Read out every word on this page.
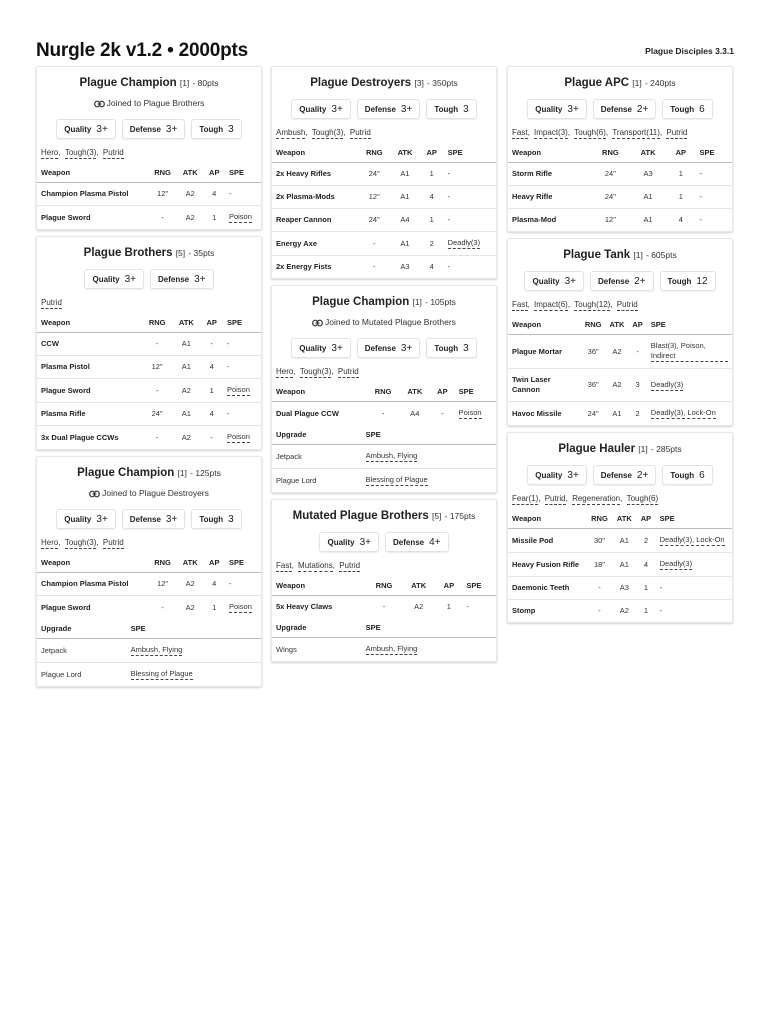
Nurgle 2k v1.2 • 2000pts	Plague Disciples 3.3.1
Plague Champion [1] - 80pts
Joined to Plague Brothers
Quality 3+	Defense 3+	Tough 3
Hero, Tough(3), Putrid
Weapon	RNG	ATK	AP	SPE
Champion Plasma Pistol	12"	A2	4	-
Plague Sword	-	A2	1	Poison
Plague Brothers [5] - 35pts
Quality 3+	Defense 3+
Putrid
Weapon	RNG	ATK	AP	SPE
CCW	-	A1	-	-
Plasma Pistol	12"	A1	4	-
Plague Sword	-	A2	1	Poison
Plasma Rifle	24"	A1	4	-
3x Dual Plague CCWs	-	A2	-	Poison
Plague Champion [1] - 125pts
Joined to Plague Destroyers
Quality 3+	Defense 3+	Tough 3
Hero, Tough(3), Putrid
Weapon	RNG	ATK	AP	SPE
Champion Plasma Pistol	12"	A2	4	-
Plague Sword	-	A2	1	Poison
Upgrade	SPE
Jetpack	Ambush, Flying
Plague Lord	Blessing of Plague
Plague Destroyers [3] - 350pts
Quality 3+	Defense 3+	Tough 3
Ambush, Tough(3), Putrid
Weapon	RNG	ATK	AP	SPE
2x Heavy Rifles	24"	A1	1	-
2x Plasma-Mods	12"	A1	4	-
Reaper Cannon	24"	A4	1	-
Energy Axe	-	A1	2	Deadly(3)
2x Energy Fists	-	A3	4	-
Plague Champion [1] - 105pts
Joined to Mutated Plague Brothers
Quality 3+	Defense 3+	Tough 3
Hero, Tough(3), Putrid
Weapon	RNG	ATK	AP	SPE
Dual Plague CCW	-	A4	-	Poison
Upgrade	SPE
Jetpack	Ambush, Flying
Plague Lord	Blessing of Plague
Mutated Plague Brothers [5] - 175pts
Quality 3+	Defense 4+
Fast, Mutations, Putrid
Weapon	RNG	ATK	AP	SPE
5x Heavy Claws	-	A2	1	-
Upgrade	SPE
Wings	Ambush, Flying
Plague APC [1] - 240pts
Quality 3+	Defense 2+	Tough 6
Fast, Impact(3), Tough(6), Transport(11), Putrid
Weapon	RNG	ATK	AP	SPE
Storm Rifle	24"	A3	1	-
Heavy Rifle	24"	A1	1	-
Plasma-Mod	12"	A1	4	-
Plague Tank [1] - 605pts
Quality 3+	Defense 2+	Tough 12
Fast, Impact(6), Tough(12), Putrid
Weapon	RNG	ATK	AP	SPE
Plague Mortar	36"	A2	-	Blast(3), Poison, Indirect
Twin Laser Cannon	36"	A2	3	Deadly(3)
Havoc Missile	24"	A1	2	Deadly(3), Lock-On
Plague Hauler [1] - 285pts
Quality 3+	Defense 2+	Tough 6
Fear(1), Putrid, Regeneration, Tough(6)
Weapon	RNG	ATK	AP	SPE
Missile Pod	30"	A1	2	Deadly(3), Lock-On
Heavy Fusion Rifle	18"	A1	4	Deadly(3)
Daemonic Teeth	-	A3	1	-
Stomp	-	A2	1	-
